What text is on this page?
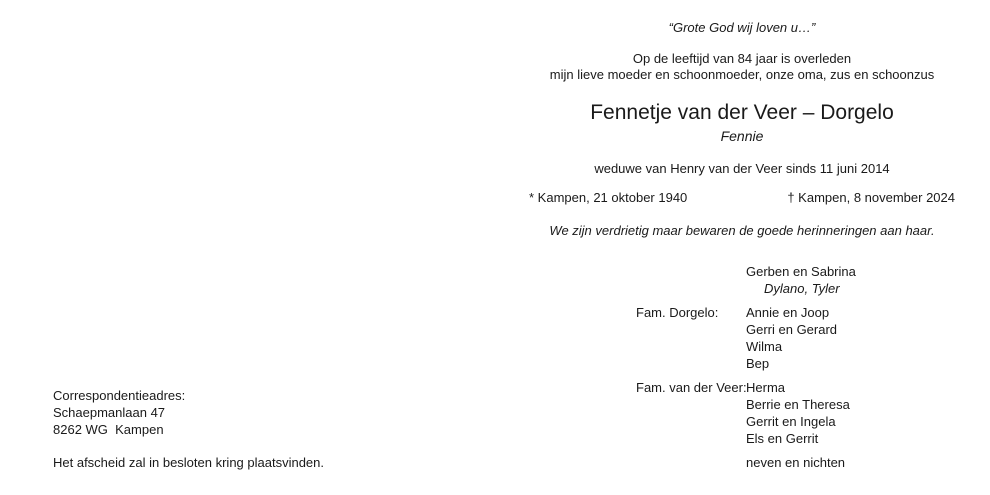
“Grote God wij loven u…”
Op de leeftijd van 84 jaar is overleden
mijn lieve moeder en schoonmoeder, onze oma, zus en schoonzus
Fennetje van der Veer – Dorgelo
Fennie
weduwe van Henry van der Veer sinds 11 juni 2014
* Kampen, 21 oktober 1940	† Kampen, 8 november 2024
We zijn verdrietig maar bewaren de goede herinneringen aan haar.
Gerben en Sabrina
Dylano, Tyler
Fam. Dorgelo: Annie en Joop
Gerri en Gerard
Wilma
Bep
Fam. van der Veer: Herma
Berrie en Theresa
Gerrit en Ingela
Els en Gerrit
neven en nichten
Correspondentieadres:
Schaepmanlaan 47
8262 WG  Kampen
Het afscheid zal in besloten kring plaatsvinden.
